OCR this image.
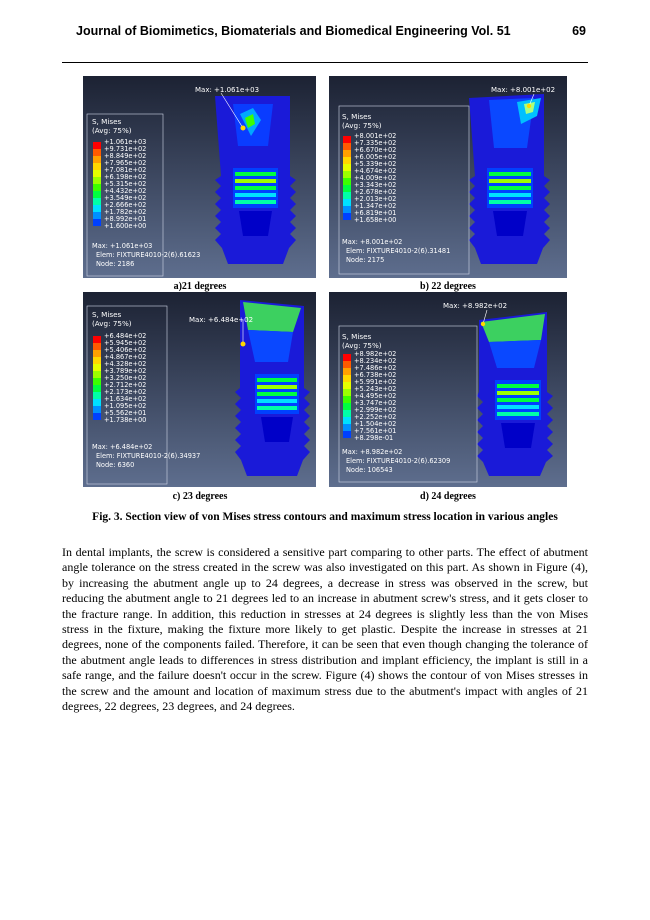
Journal of Biomimetics, Biomaterials and Biomedical Engineering Vol. 51	69
Max: +1.061e+03
S, Mises
(Avg: 75%)
+1.061e+03
+9.731e+02
+8.849e+02
+7.965e+02
+7.081e+02
+6.198e+02
+5.315e+02
+4.432e+02
+3.549e+02
+2.666e+02
+1.782e+02
+8.992e+01
+1.600e+00
Max: +1.061e+03
Elem: FIXTURE4010-2(6).61623
Node: 2186
a)21 degrees
Max: +8.001e+02
S, Mises
(Avg: 75%)
+8.001e+02
+7.335e+02
+6.670e+02
+6.005e+02
+5.339e+02
+4.674e+02
+4.009e+02
+3.343e+02
+2.678e+02
+2.013e+02
+1.347e+02
+6.819e+01
+1.658e+00
Max: +8.001e+02
Elem: FIXTURE4010-2(6).31481
Node: 2175
b) 22 degrees
Max: +6.484e+02
S, Mises
(Avg: 75%)
+6.484e+02
+5.945e+02
+5.406e+02
+4.867e+02
+4.328e+02
+3.789e+02
+3.250e+02
+2.712e+02
+2.173e+02
+1.634e+02
+1.095e+02
+5.562e+01
+1.738e+00
Max: +6.484e+02
Elem: FIXTURE4010-2(6).34937
Node: 6360
c) 23 degrees
Max: +8.982e+02
S, Mises
(Avg: 75%)
+8.982e+02
+8.234e+02
+7.486e+02
+6.738e+02
+5.991e+02
+5.243e+02
+4.495e+02
+3.747e+02
+2.999e+02
+2.252e+02
+1.504e+02
+7.561e+01
+8.298e-01
Max: +8.982e+02
Elem: FIXTURE4010-2(6).62309
Node: 106543
d) 24 degrees
Fig. 3. Section view of von Mises stress contours and maximum stress location in various angles

In dental implants, the screw is considered a sensitive part comparing to other parts. The effect of abutment angle tolerance on the stress created in the screw was also investigated on this part. As shown in Figure (4), by increasing the abutment angle up to 24 degrees, a decrease in stress was observed in the screw, but reducing the abutment angle to 21 degrees led to an increase in abutment screw's stress, and it gets closer to the fracture range. In addition, this reduction in stresses at 24 degrees is slightly less than the von Mises stress in the fixture, making the fixture more likely to get plastic. Despite the increase in stresses at 21 degrees, none of the components failed. Therefore, it can be seen that even though changing the tolerance of the abutment angle leads to differences in stress distribution and implant efficiency, the implant is still in a safe range, and the failure doesn't occur in the screw. Figure (4) shows the contour of von Mises stresses in the screw and the amount and location of maximum stress due to the abutment's impact with angles of 21 degrees, 22 degrees, 23 degrees, and 24 degrees.
